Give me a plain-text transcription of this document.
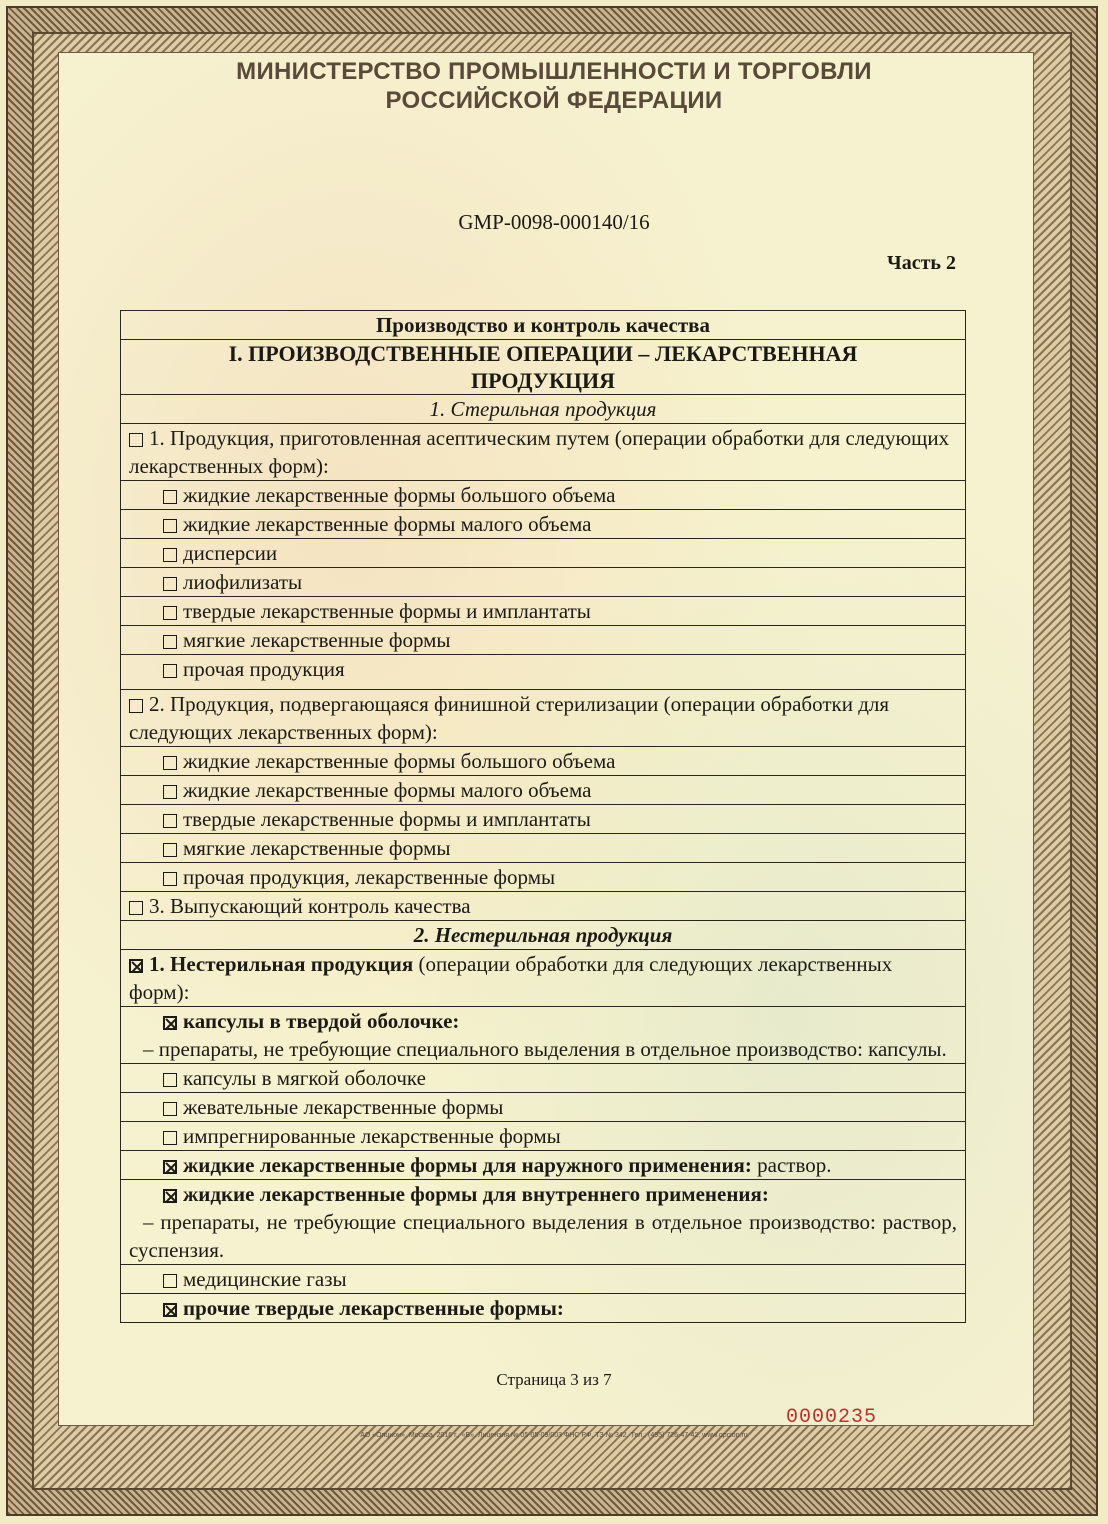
МИНИСТЕРСТВО ПРОМЫШЛЕННОСТИ И ТОРГОВЛИ
РОССИЙСКОЙ ФЕДЕРАЦИИ
GMP-0098-000140/16
Часть 2
Производство и контроль качества

I. ПРОИЗВОДСТВЕННЫЕ ОПЕРАЦИИ – ЛЕКАРСТВЕННАЯ
ПРОДУКЦИЯ

1. Стерильная продукция
1. Продукция, приготовленная асептическим путем (операции обработки для следующих лекарственных форм):
жидкие лекарственные формы большого объема
жидкие лекарственные формы малого объема
дисперсии
лиофилизаты
твердые лекарственные формы и имплантаты
мягкие лекарственные формы
прочая продукция
2. Продукция, подвергающаяся финишной стерилизации (операции обработки для следующих лекарственных форм):
жидкие лекарственные формы большого объема
жидкие лекарственные формы малого объема
твердые лекарственные формы и имплантаты
мягкие лекарственные формы
прочая продукция, лекарственные формы
3. Выпускающий контроль качества
2. Нестерильная продукция
1. Нестерильная продукция (операции обработки для следующих лекарственных форм):

капсулы в твердой оболочке:
– препараты, не требующие специального выделения в отдельное производство: капсулы.

капсулы в мягкой оболочке
жевательные лекарственные формы
импрегнированные лекарственные формы
жидкие лекарственные формы для наружного применения: раствор.

жидкие лекарственные формы для внутреннего применения:
– препараты, не требующие специального выделения в отдельное производство: раствор, суспензия.

медицинские газы
прочие твердые лекарственные формы:
Страница 3 из 7
0000235
АО «Опцион», Москва, 2016 г., «Б». Лицензия № 05-05-09/003 ФНС РФ. ТЗ № 342. Тел.: (495) 726-47-42, www.opcion.ru
